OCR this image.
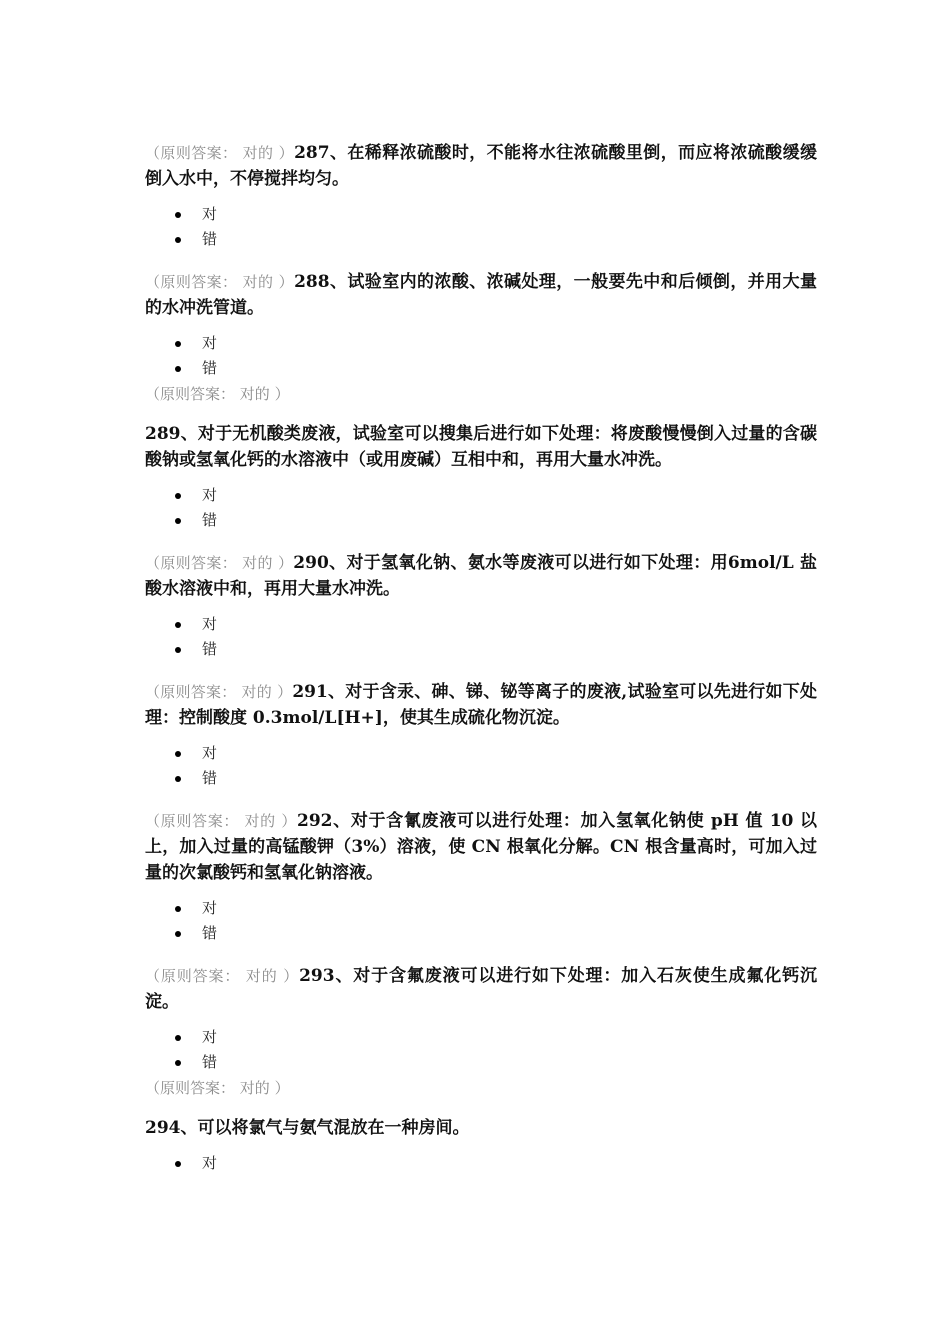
（原则答案： 对的 ）287、在稀释浓硫酸时，不能将水往浓硫酸里倒，而应将浓硫酸缓缓倒入水中，不停搅拌均匀。

对
错

（原则答案： 对的 ）288、试验室内的浓酸、浓碱处理，一般要先中和后倾倒，并用大量的水冲洗管道。

对
错

（原则答案： 对的 ）

289、对于无机酸类废液，试验室可以搜集后进行如下处理：将废酸慢慢倒入过量的含碳酸钠或氢氧化钙的水溶液中（或用废碱）互相中和，再用大量水冲洗。

对
错

（原则答案： 对的 ）290、对于氢氧化钠、氨水等废液可以进行如下处理：用6mol/L 盐酸水溶液中和，再用大量水冲洗。

对
错

（原则答案： 对的 ）291、对于含汞、砷、锑、铋等离子的废液,试验室可以先进行如下处理：控制酸度 0.3mol/L[H+]，使其生成硫化物沉淀。

对
错

（原则答案： 对的 ）292、对于含氰废液可以进行处理：加入氢氧化钠使 pH 值 10 以上，加入过量的高锰酸钾（3%）溶液，使 CN 根氧化分解。CN 根含量高时，可加入过量的次氯酸钙和氢氧化钠溶液。

对
错

（原则答案： 对的 ）293、对于含氟废液可以进行如下处理：加入石灰使生成氟化钙沉淀。

对
错

（原则答案： 对的 ）

294、可以将氯气与氨气混放在一种房间。

对
